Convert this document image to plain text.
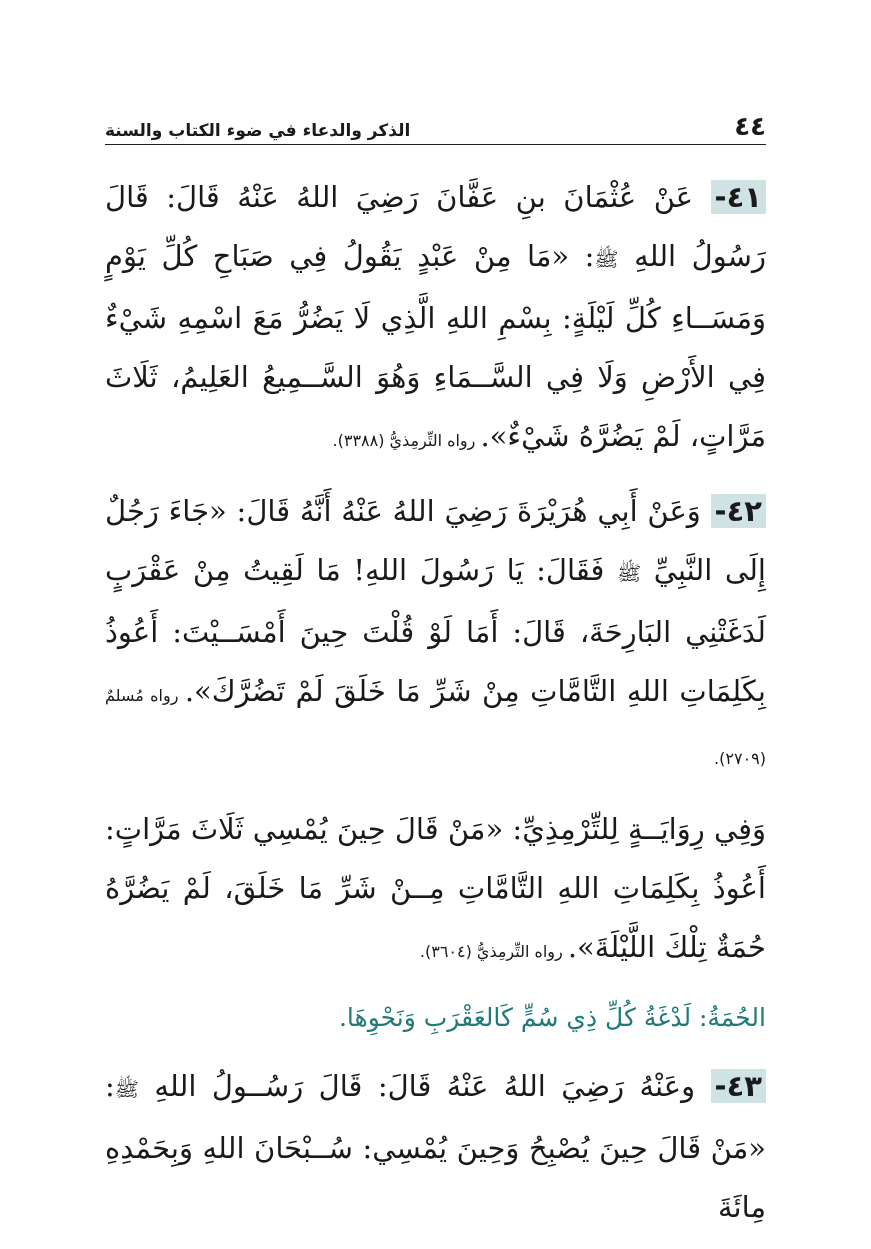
٤٤
الذكر والدعاء في ضوء الكتاب والسنة

٤١- عَنْ عُثْمَانَ بنِ عَفَّانَ رَضِيَ اللهُ عَنْهُ قَالَ: قَالَ رَسُولُ اللهِ ﷺ: «مَا مِنْ عَبْدٍ يَقُولُ فِي صَبَاحِ كُلِّ يَوْمٍ وَمَسَــاءِ كُلِّ لَيْلَةٍ: بِسْمِ اللهِ الَّذِي لَا يَضُرُّ مَعَ اسْمِهِ شَيْءٌ فِي الأَرْضِ وَلَا فِي السَّــمَاءِ وَهُوَ السَّــمِيعُ العَلِيمُ، ثَلَاثَ مَرَّاتٍ، لَمْ يَضُرَّهُ شَيْءٌ». رواه التِّرمِذيُّ (٣٣٨٨).

٤٢- وَعَنْ أَبِي هُرَيْرَةَ رَضِيَ اللهُ عَنْهُ أَنَّهُ قَالَ: «جَاءَ رَجُلٌ إِلَى النَّبِيِّ ﷺ فَقَالَ: يَا رَسُولَ اللهِ! مَا لَقِيتُ مِنْ عَقْرَبٍ لَدَغَتْنِي البَارِحَةَ، قَالَ: أَمَا لَوْ قُلْتَ حِينَ أَمْسَــيْتَ: أَعُوذُ بِكَلِمَاتِ اللهِ التَّامَّاتِ مِنْ شَرِّ مَا خَلَقَ لَمْ تَضُرَّكَ». رواه مُسلمٌ (٢٧٠٩).

وَفِي رِوَايَــةٍ لِلتِّرْمِذِيِّ: «مَنْ قَالَ حِينَ يُمْسِي ثَلَاثَ مَرَّاتٍ: أَعُوذُ بِكَلِمَاتِ اللهِ التَّامَّاتِ مِــنْ شَرِّ مَا خَلَقَ، لَمْ يَضُرَّهُ حُمَةٌ تِلْكَ اللَّيْلَةَ». رواه التِّرمِذيُّ (٣٦٠٤).

الحُمَةُ: لَدْغَةُ كُلِّ ذِي سُمٍّ كَالعَقْرَبِ وَنَحْوِهَا.

٤٣- وعَنْهُ رَضِيَ اللهُ عَنْهُ قَالَ: قَالَ رَسُــولُ اللهِ ﷺ: «مَنْ قَالَ حِينَ يُصْبِحُ وَحِينَ يُمْسِي: سُــبْحَانَ اللهِ وَبِحَمْدِهِ مِائَةَ
